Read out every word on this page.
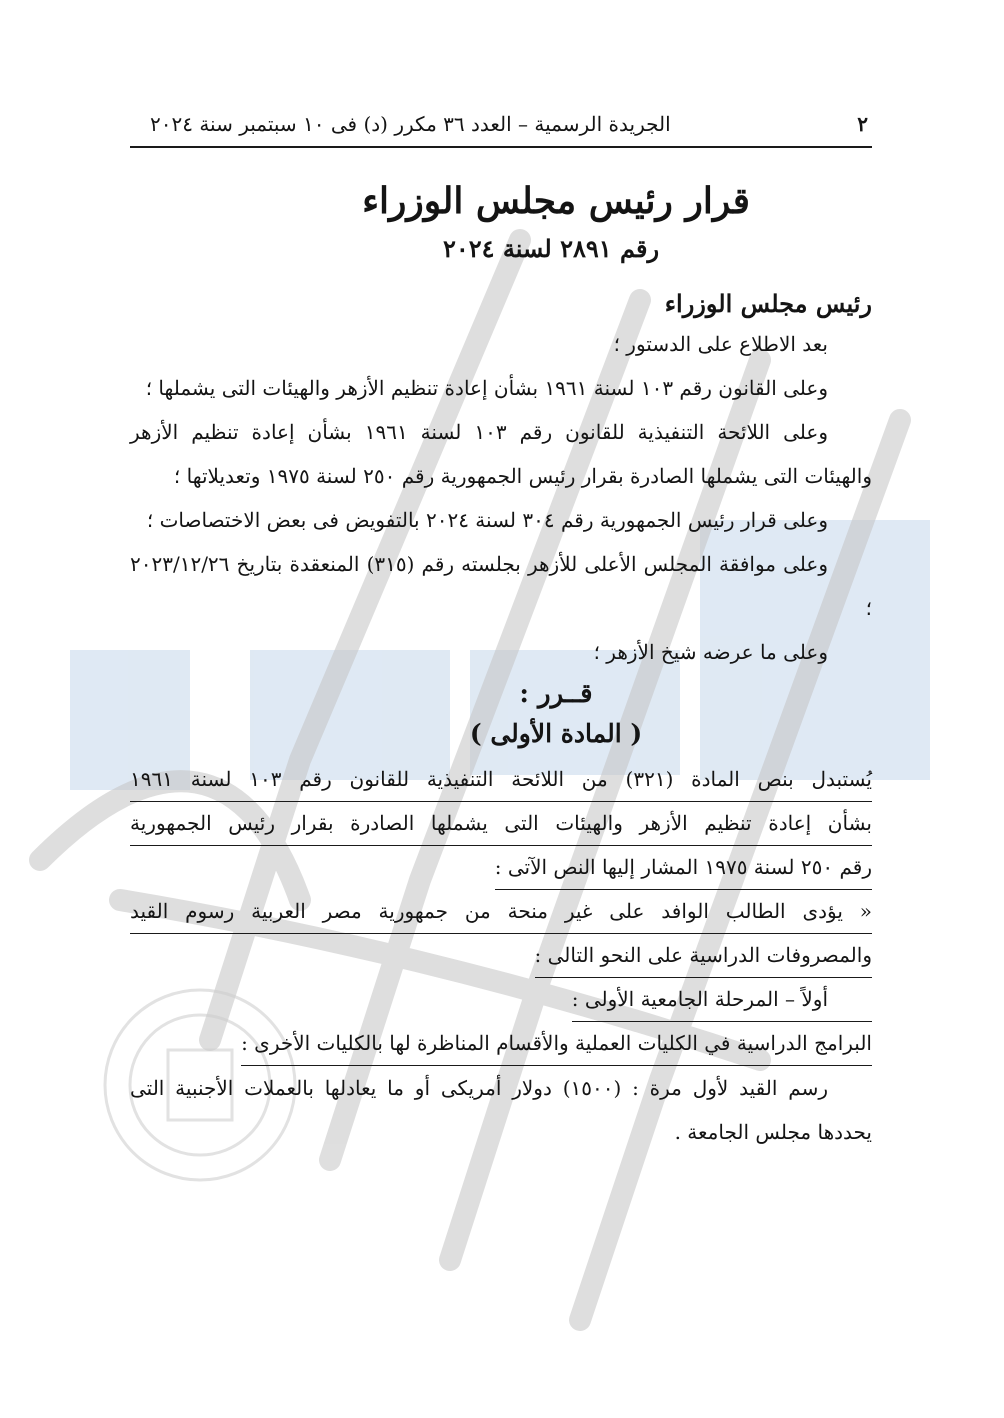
٢
الجريدة الرسمية – العدد ٣٦ مكرر (د) فى ١٠ سبتمبر سنة ٢٠٢٤
قرار رئيس مجلس الوزراء
رقم ٢٨٩١ لسنة ٢٠٢٤
رئيس مجلس الوزراء
بعد الاطلاع على الدستور ؛
وعلى القانون رقم ١٠٣ لسنة ١٩٦١ بشأن إعادة تنظيم الأزهر والهيئات التى يشملها ؛
وعلى اللائحة التنفيذية للقانون رقم ١٠٣ لسنة ١٩٦١ بشأن إعادة تنظيم الأزهر والهيئات التى يشملها الصادرة بقرار رئيس الجمهورية رقم ٢٥٠ لسنة ١٩٧٥ وتعديلاتها ؛
وعلى قرار رئيس الجمهورية رقم ٣٠٤ لسنة ٢٠٢٤ بالتفويض فى بعض الاختصاصات ؛
وعلى موافقة المجلس الأعلى للأزهر بجلسته رقم (٣١٥) المنعقدة بتاريخ ٢٠٢٣/١٢/٢٦ ؛
وعلى ما عرضه شيخ الأزهر ؛
قــرر :
( المادة الأولى )
يُستبدل بنص المادة (٣٢١) من اللائحة التنفيذية للقانون رقم ١٠٣ لسنة ١٩٦١
بشأن إعادة تنظيم الأزهر والهيئات التى يشملها الصادرة بقرار رئيس الجمهورية
رقم ٢٥٠ لسنة ١٩٧٥ المشار إليها النص الآتى :
« يؤدى الطالب الوافد على غير منحة من جمهورية مصر العربية رسوم القيد
والمصروفات الدراسية على النحو التالى :
أولاً – المرحلة الجامعية الأولى :
البرامج الدراسية في الكليات العملية والأقسام المناظرة لها بالكليات الأخرى :
رسم القيد لأول مرة : (١٥٠٠) دولار أمريكى أو ما يعادلها بالعملات الأجنبية التى يحددها مجلس الجامعة .
